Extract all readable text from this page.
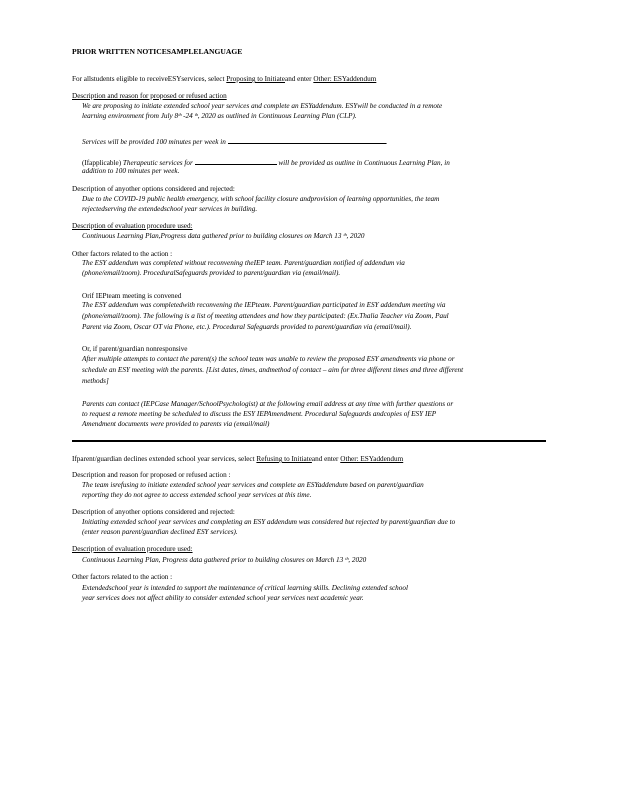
PRIOR WRITTEN NOTICESAMPLELANGUAGE
For allstudents eligible to receiveESYservices, select Proposing to Initiateand enter Other: ESYaddendum
Description and reason for proposed or refused action
We are proposing to initiate extended school year services and complete an ESYaddendum. ESYwill be conducted in a remote
learning environment from July 8ᵗʰ -24 ᵗʰ, 2020 as outlined in Continuous Learning Plan (CLP).
Services will be provided 100 minutes per week in	.
(Ifapplicable) Therapeutic services for	will be provided as outline in Continuous Learning Plan, in
addition to 100 minutes per week.
Description of anyother options considered and rejected:
Due to the COVID-19 public health emergency, with school facility closure andprovision of learning opportunities, the team
rejectedserving the extendedschool year services in building.
Description of evaluation procedure used:
Continuous Learning Plan,Progress data gathered prior to building closures on March 13 ᵗʰ, 2020
Other factors related to the action :
The ESY addendum was completed without reconvening theIEP team. Parent/guardian notified of addendum via
(phone/email/zoom). ProceduralSafeguards provided to parent/guardian via (email/mail).
Orif IEPteam meeting is convened
The ESY addendum was completedwith reconvening the IEPteam. Parent/guardian participated in ESY addendum meeting via
(phone/email/zoom). The following is a list of meeting attendees and how they participated: (Ex.Thalia Teacher via Zoom, Paul
Parent via Zoom, Oscar OT via Phone, etc.). Procedural Safeguards provided to parent/guardian via (email/mail).
Or, if parent/guardian nonresponsive
After multiple attempts to contact the parent(s) the school team was unable to review the proposed ESY amendments via phone or
schedule an ESY meeting with the parents. [List dates, times, andmethod of contact – aim for three different times and three different
methods]
Parents can contact (IEPCase Manager/SchoolPsychologist) at the following email address at any time with further questions or
to request a remote meeting be scheduled to discuss the ESY IEPAmendment. Procedural Safeguards andcopies of ESY IEP
Amendment documents were provided to parents via (email/mail)
Ifparent/guardian declines extended school year services, select Refusing to Initiateand enter Other: ESYaddendum
Description and reason for proposed or refused action :
The team isrefusing to initiate extended school year services and complete an ESYaddendum based on parent/guardian
reporting they do not agree to access extended school year services at this time.
Description of anyother options considered and rejected:
Initiating extended school year services and completing an ESY addendum was considered but rejected by parent/guardian due to
(enter reason parent/guardian declined ESY services).
Description of evaluation procedure used:
Continuous Learning Plan, Progress data gathered prior to building closures on March 13 ᵗʰ, 2020
Other factors related to the action :
Extendedschool year is intended to support the maintenance of critical learning skills. Declining extended school
year services does not affect ability to consider extended school year services next academic year.
